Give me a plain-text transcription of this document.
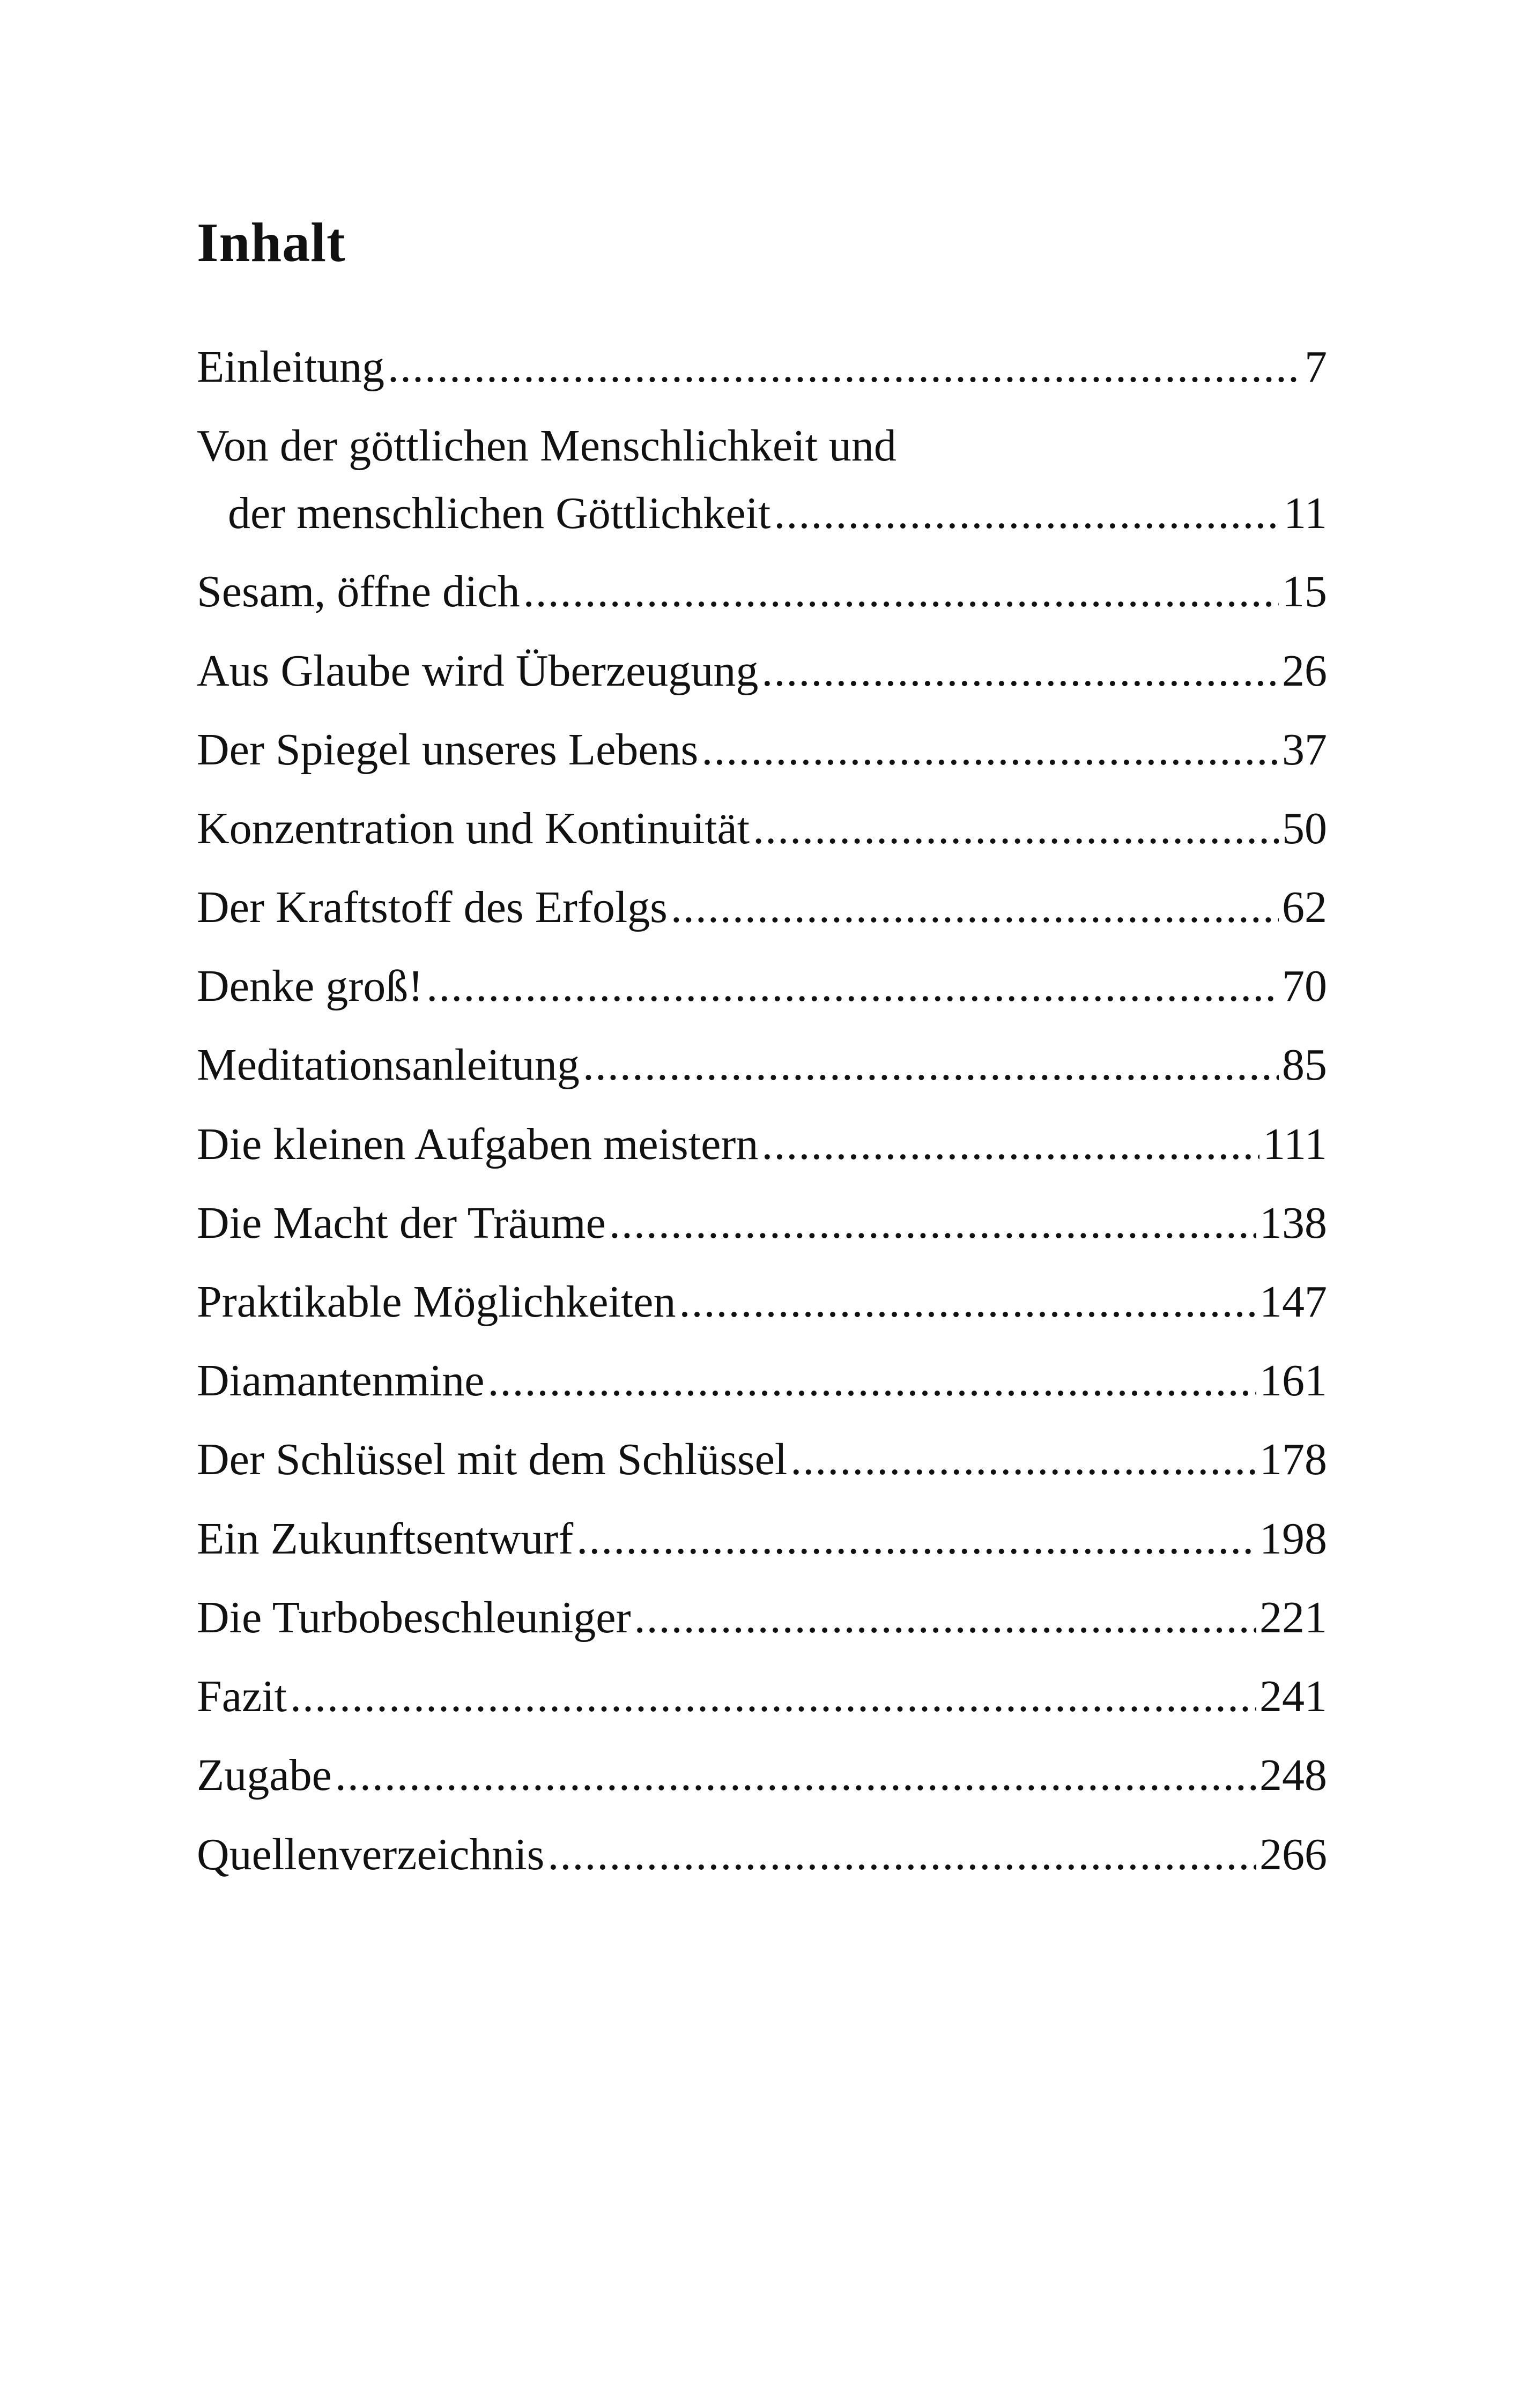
Inhalt
Einleitung .....	7
Von der göttlichen Menschlichkeit und
der menschlichen Göttlichkeit .....	11
Sesam, öffne dich .....	15
Aus Glaube wird Überzeugung .....	26
Der Spiegel unseres Lebens .....	37
Konzentration und Kontinuität .....	50
Der Kraftstoff des Erfolgs .....	62
Denke groß! .....	70
Meditationsanleitung .....	85
Die kleinen Aufgaben meistern .....	111
Die Macht der Träume .....	138
Praktikable Möglichkeiten .....	147
Diamantenmine .....	161
Der Schlüssel mit dem Schlüssel .....	178
Ein Zukunftsentwurf .....	198
Die Turbobeschleuniger .....	221
Fazit .....	241
Zugabe .....	248
Quellenverzeichnis .....	266
